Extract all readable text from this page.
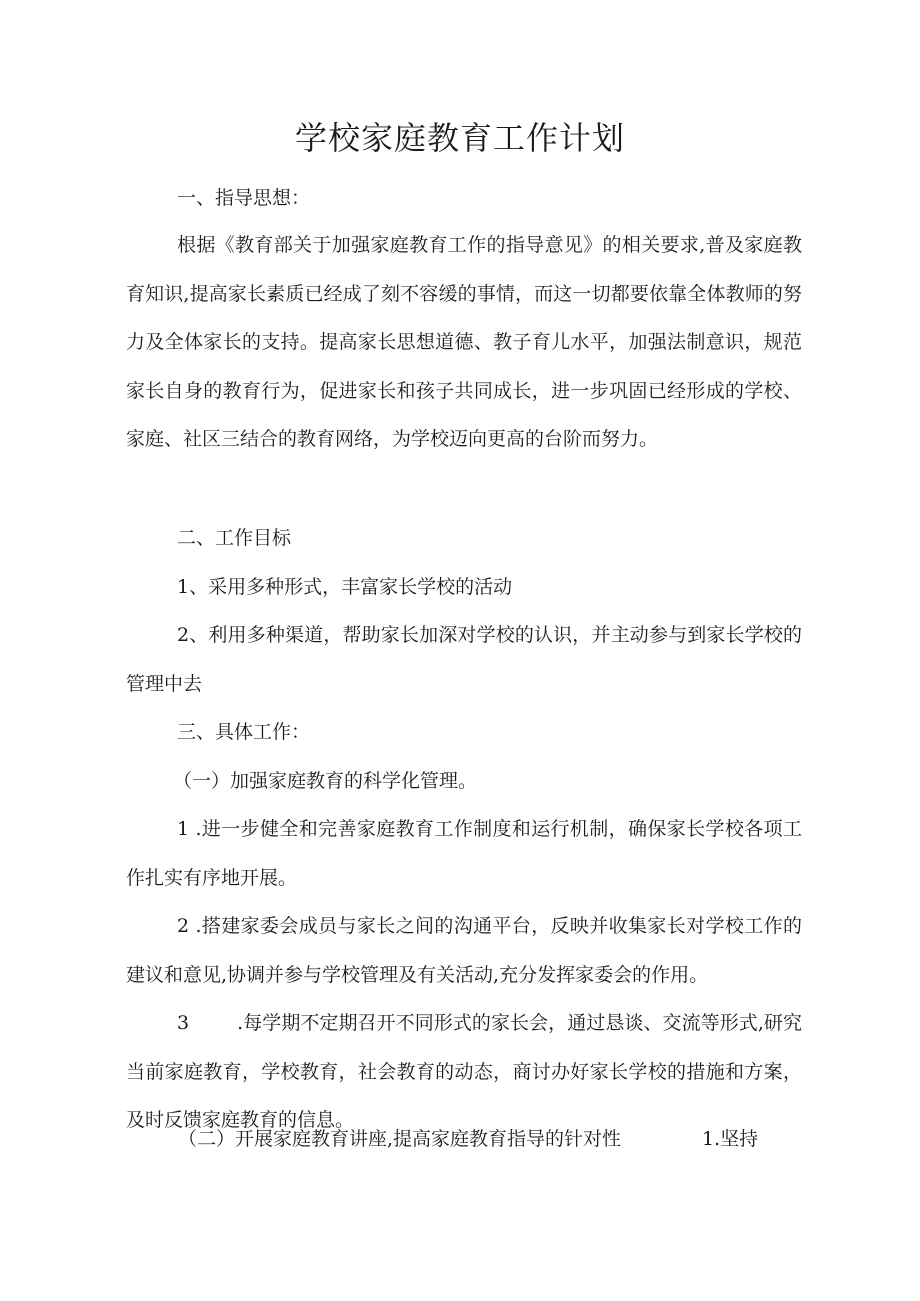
学校家庭教育工作计划

一、指导思想：

根据《教育部关于加强家庭教育工作的指导意见》的相关要求,普及家庭教育知识,提高家长素质已经成了刻不容缓的事情，而这一切都要依靠全体教师的努力及全体家长的支持。提高家长思想道德、教子育儿水平，加强法制意识，规范家长自身的教育行为，促进家长和孩子共同成长，进一步巩固已经形成的学校、家庭、社区三结合的教育网络，为学校迈向更高的台阶而努力。

二、工作目标

1、采用多种形式，丰富家长学校的活动

2、利用多种渠道，帮助家长加深对学校的认识，并主动参与到家长学校的管理中去

三、具体工作：

（一）加强家庭教育的科学化管理。

1 .进一步健全和完善家庭教育工作制度和运行机制，确保家长学校各项工作扎实有序地开展。

2 .搭建家委会成员与家长之间的沟通平台，反映并收集家长对学校工作的建议和意见,协调并参与学校管理及有关活动,充分发挥家委会的作用。

3	.每学期不定期召开不同形式的家长会，通过恳谈、交流等形式,研究当前家庭教育，学校教育，社会教育的动态，商讨办好家长学校的措施和方案，及时反馈家庭教育的信息。

（二）开展家庭教育讲座,提高家庭教育指导的针对性	1.坚持
